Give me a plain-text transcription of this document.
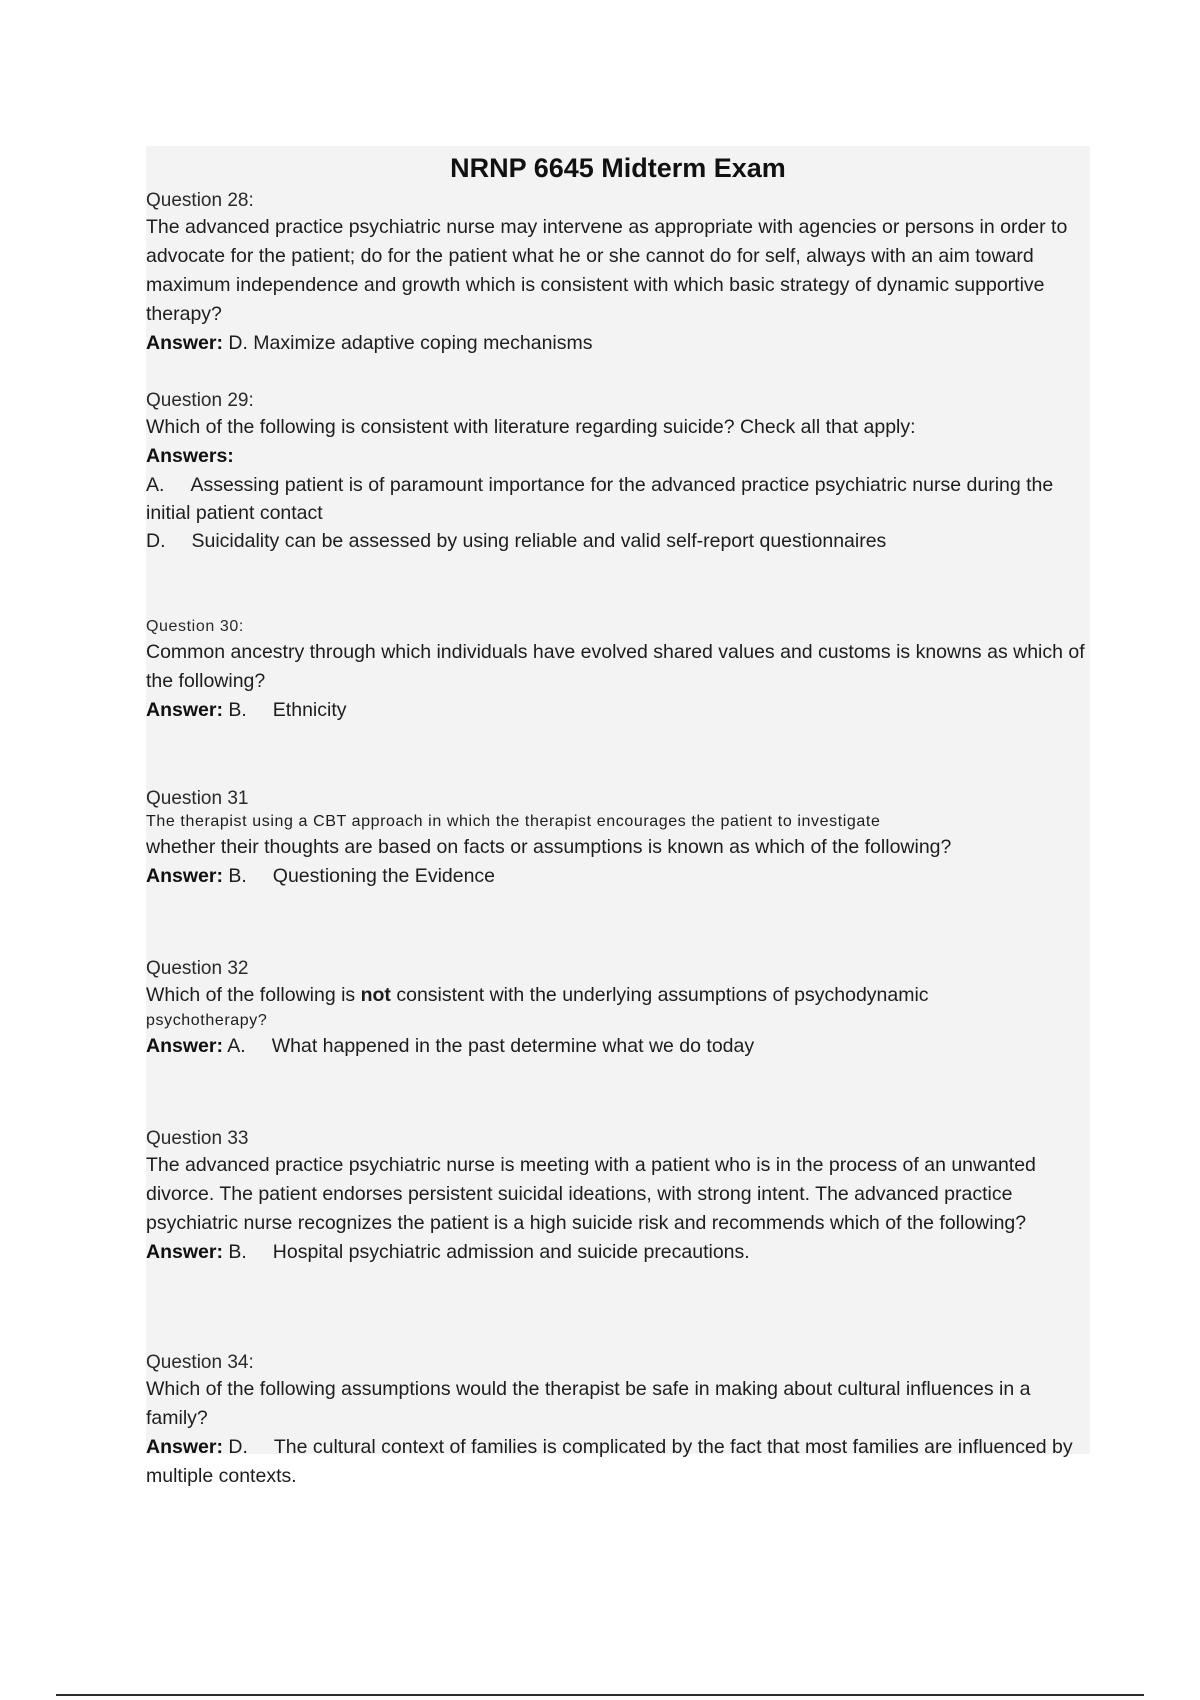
NRNP 6645 Midterm Exam
Question 28:
The advanced practice psychiatric nurse may intervene as appropriate with agencies or persons in order to advocate for the patient; do for the patient what he or she cannot do for self, always with an aim toward maximum independence and growth which is consistent with which basic strategy of dynamic supportive therapy?
Answer: D. Maximize adaptive coping mechanisms
Question 29:
Which of the following is consistent with literature regarding suicide? Check all that apply:
Answers:
A. Assessing patient is of paramount importance for the advanced practice psychiatric nurse during the initial patient contact
D. Suicidality can be assessed by using reliable and valid self-report questionnaires
Question 30:
Common ancestry through which individuals have evolved shared values and customs is knowns as which of the following?
Answer: B. Ethnicity
Question 31
The therapist using a CBT approach in which the therapist encourages the patient to investigate
whether their thoughts are based on facts or assumptions is known as which of the following?
Answer: B. Questioning the Evidence
Question 32
Which of the following is not consistent with the underlying assumptions of psychodynamic
psychotherapy?
Answer: A. What happened in the past determine what we do today
Question 33
The advanced practice psychiatric nurse is meeting with a patient who is in the process of an unwanted divorce. The patient endorses persistent suicidal ideations, with strong intent. The advanced practice psychiatric nurse recognizes the patient is a high suicide risk and recommends which of the following?
Answer: B. Hospital psychiatric admission and suicide precautions.
Question 34:
Which of the following assumptions would the therapist be safe in making about cultural influences in a family?
Answer: D. The cultural context of families is complicated by the fact that most families are influenced by multiple contexts.
